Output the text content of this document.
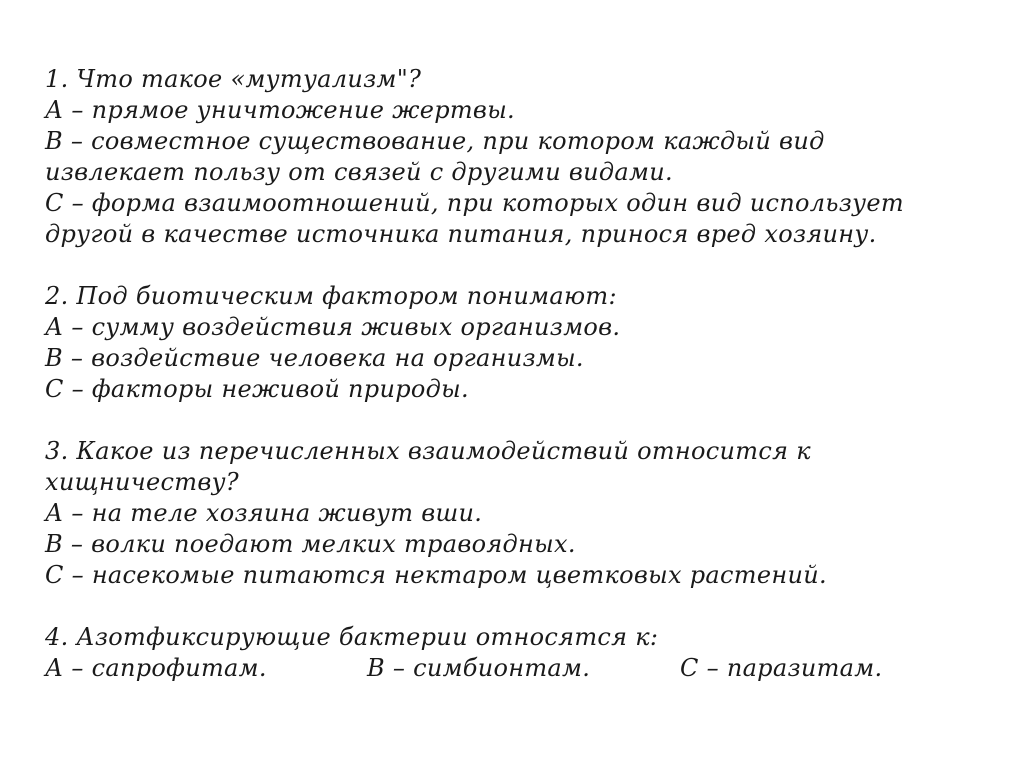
1. Что такое «мутуализм"?
А – прямое уничтожение жертвы.
В – совместное существование, при котором каждый вид извлекает пользу от связей с другими видами.
С – форма взаимоотношений, при которых один вид использует другой в качестве источника питания, принося вред хозяину.
2. Под биотическим фактором понимают:
А – сумму воздействия живых организмов.
В – воздействие человека на организмы.
С – факторы неживой природы.
3. Какое из перечисленных взаимодействий относится к хищничеству?
А – на теле хозяина живут вши.
В – волки поедают мелких травоядных.
С – насекомые питаются нектаром цветковых растений.
4. Азотфиксирующие бактерии относятся к:
А – сапрофитам.	В – симбионтам.	С – паразитам.
